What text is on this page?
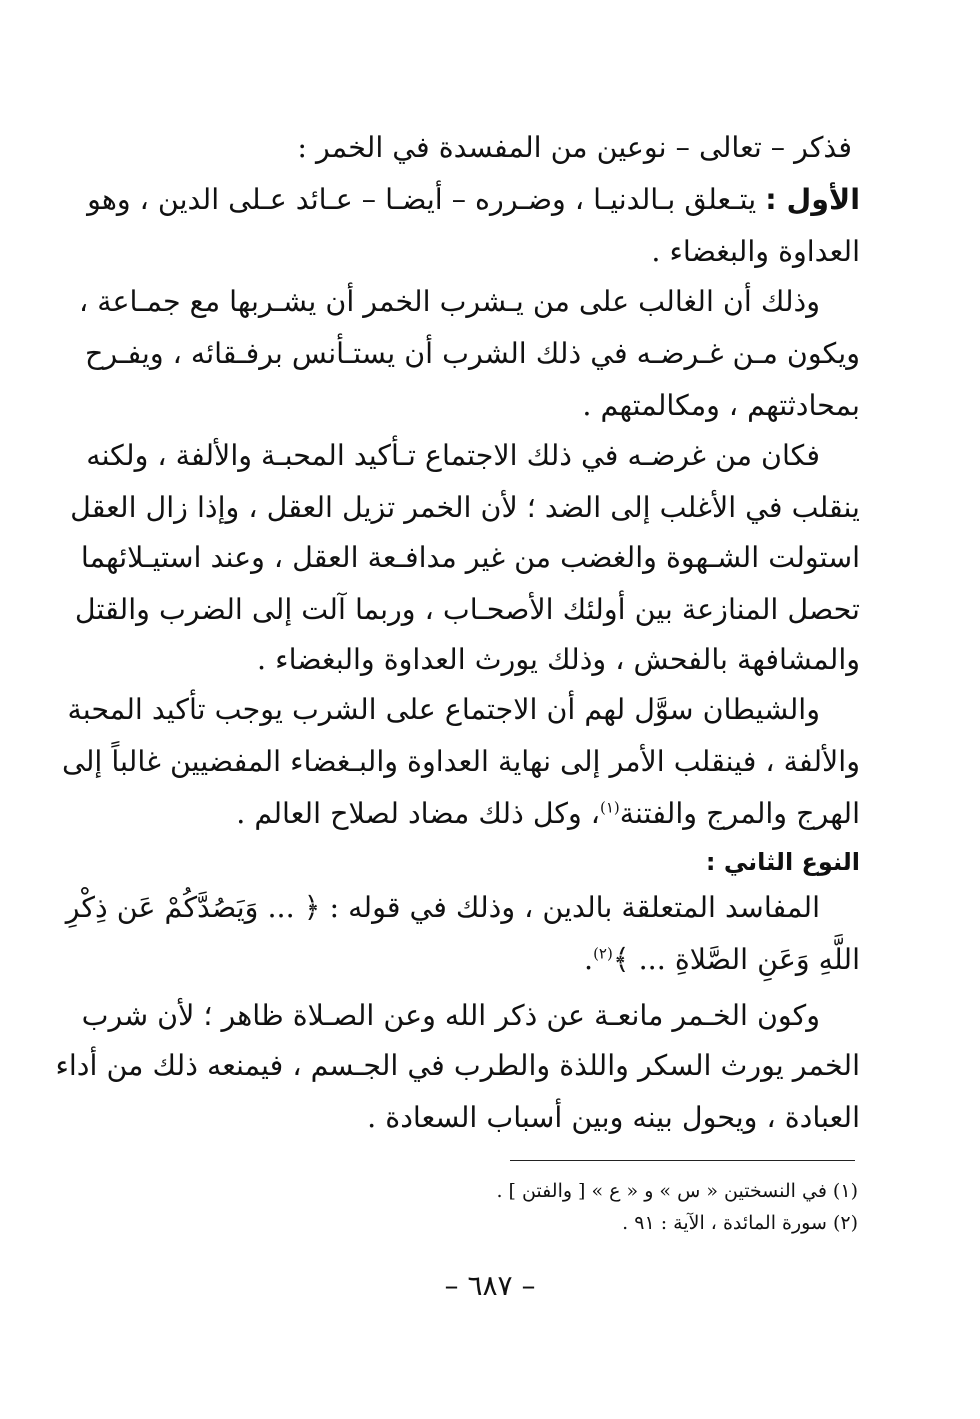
فذكر – تعالى – نوعين من المفسدة في الخمر :
الأول : يتـعلق بـالدنيـا ، وضـرره – أيضـا – عـائد عـلى الدين ، وهو
العداوة والبغضاء .
وذلك أن الغالب على من يـشرب الخمر أن يشـربها مع جمـاعة ،
ويكون مـن غـرضـه في ذلك الشرب أن يستـأنس برفـقائه ، ويفـرح
بمحادثتهم ، ومكالمتهم .
فكان من غرضـه في ذلك الاجتماع تـأكيد المحبـة والألفة ، ولكنه
ينقلب في الأغلب إلى الضد ؛ لأن الخمر تزيل العقل ، وإذا زال العقل
استولت الشـهوة والغضب من غير مدافـعة العقل ، وعند استيـلائهما
تحصل المنازعة بين أولئك الأصحـاب ، وربما آلت إلى الضرب والقتل
والمشافهة بالفحش ، وذلك يورث العداوة والبغضاء .
والشيطان سوَّل لهم أن الاجتماع على الشرب يوجب تأكيد المحبة
والألفة ، فينقلب الأمر إلى نهاية العداوة والبـغضاء المفضيين غالباً إلى
الهرج والمرج والفتنة$^{(١)}$، وكل ذلك مضاد لصلاح العالم .
النوع الثاني :
المفاسد المتعلقة بالدين ، وذلك في قوله : ﴿ ... وَيَصُدَّكُمْ عَن ذِكْرِ
اللَّهِ وَعَنِ الصَّلاةِ ... ﴾$^{(٢)}$.
وكون الخـمر مانعـة عن ذكر الله وعن الصـلاة ظاهر ؛ لأن شرب
الخمر يورث السكر واللذة والطرب في الجـسم ، فيمنعه ذلك من أداء
العبادة ، ويحول بينه وبين أسباب السعادة .
(١) في النسختين « س » و « ع » [ والفتن ] .
(٢) سورة المائدة ، الآية : ٩١ .
– ٦٨٧ –
